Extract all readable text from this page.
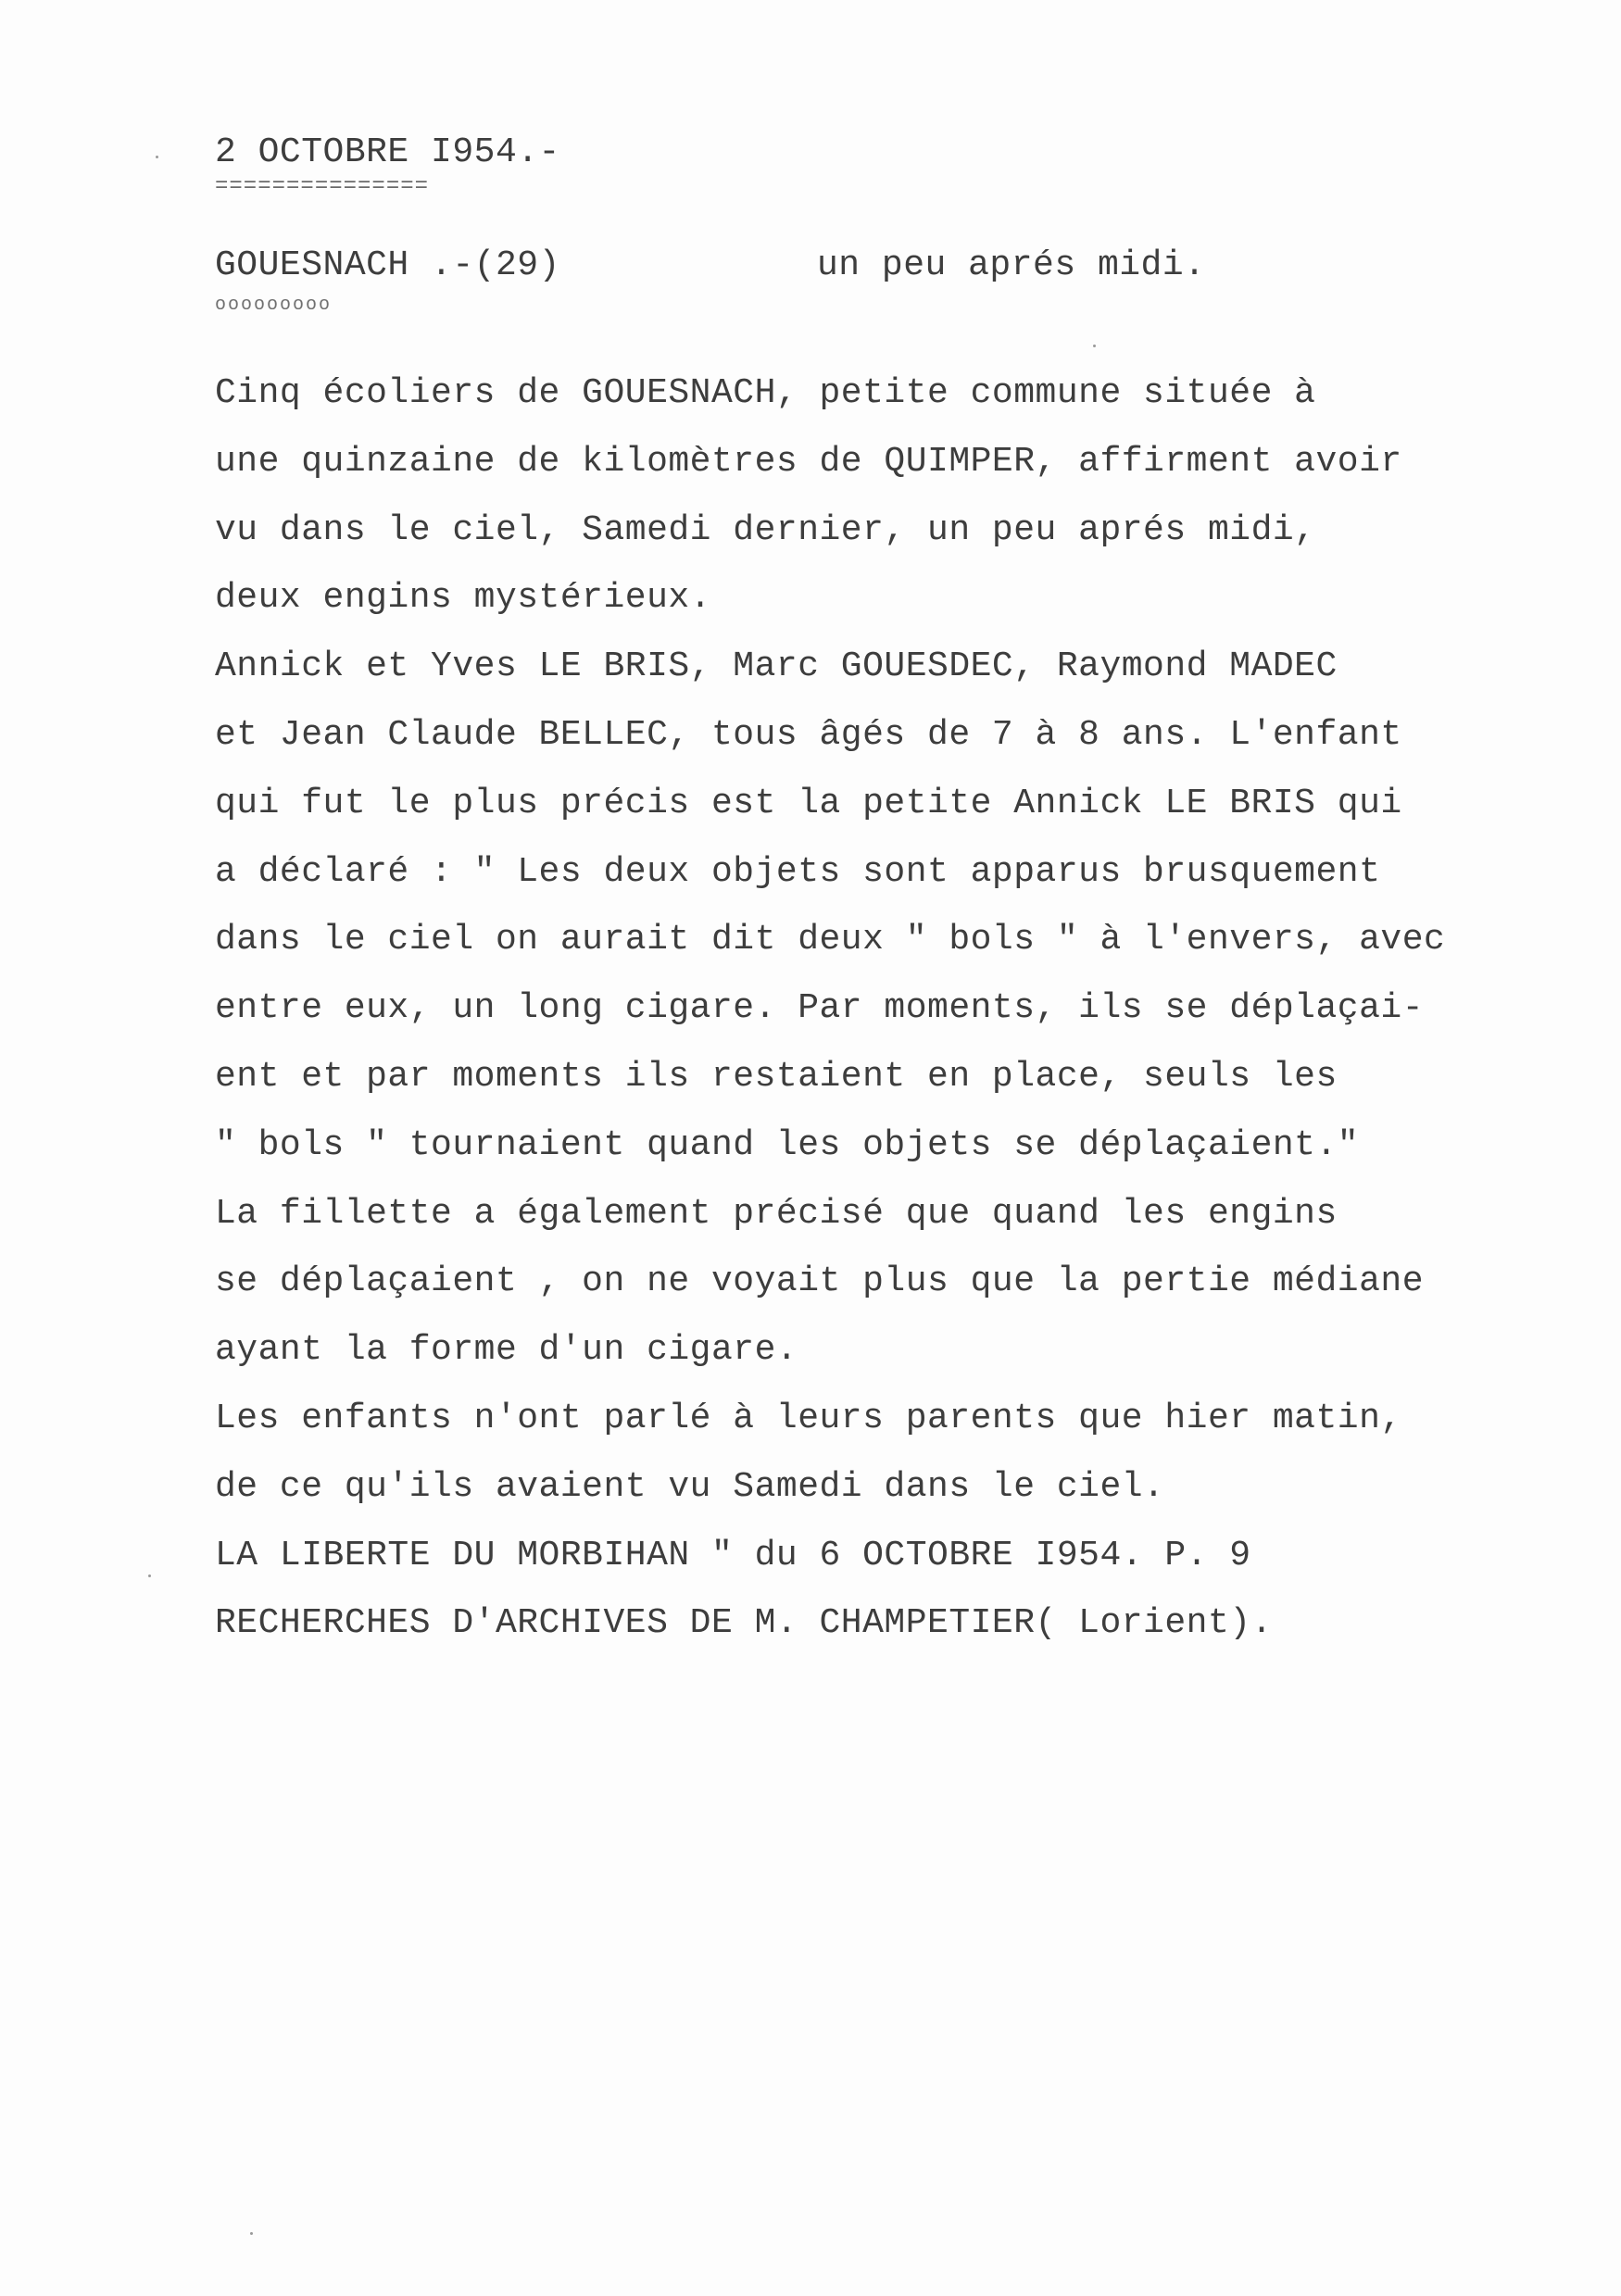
2 OCTOBRE I954.-
===============
GOUESNACH .-(29)	un peu aprés midi.
ooooooooo
Cinq écoliers de GOUESNACH, petite commune située à
une quinzaine de kilomètres de QUIMPER, affirment avoir
vu dans le ciel, Samedi dernier, un peu aprés midi,
deux engins mystérieux.
Annick et Yves LE BRIS, Marc GOUESDEC, Raymond MADEC
et Jean Claude BELLEC, tous âgés de 7 à 8 ans. L'enfant
qui fut le plus précis est la petite Annick LE BRIS qui
a déclaré : " Les deux objets sont apparus brusquement
dans le ciel on aurait dit deux " bols " à l'envers, avec
entre eux, un long cigare. Par moments, ils se déplaçai-
ent et par moments ils restaient en place, seuls les
" bols " tournaient quand les objets se déplaçaient."
La fillette a également précisé que quand les engins
se déplaçaient , on ne voyait plus que la pertie médiane
ayant la forme d'un cigare.
Les enfants n'ont parlé à leurs parents que hier matin,
de ce qu'ils avaient vu Samedi dans le ciel.
LA LIBERTE DU MORBIHAN " du 6 OCTOBRE I954. P. 9
RECHERCHES D'ARCHIVES DE M. CHAMPETIER( Lorient).
